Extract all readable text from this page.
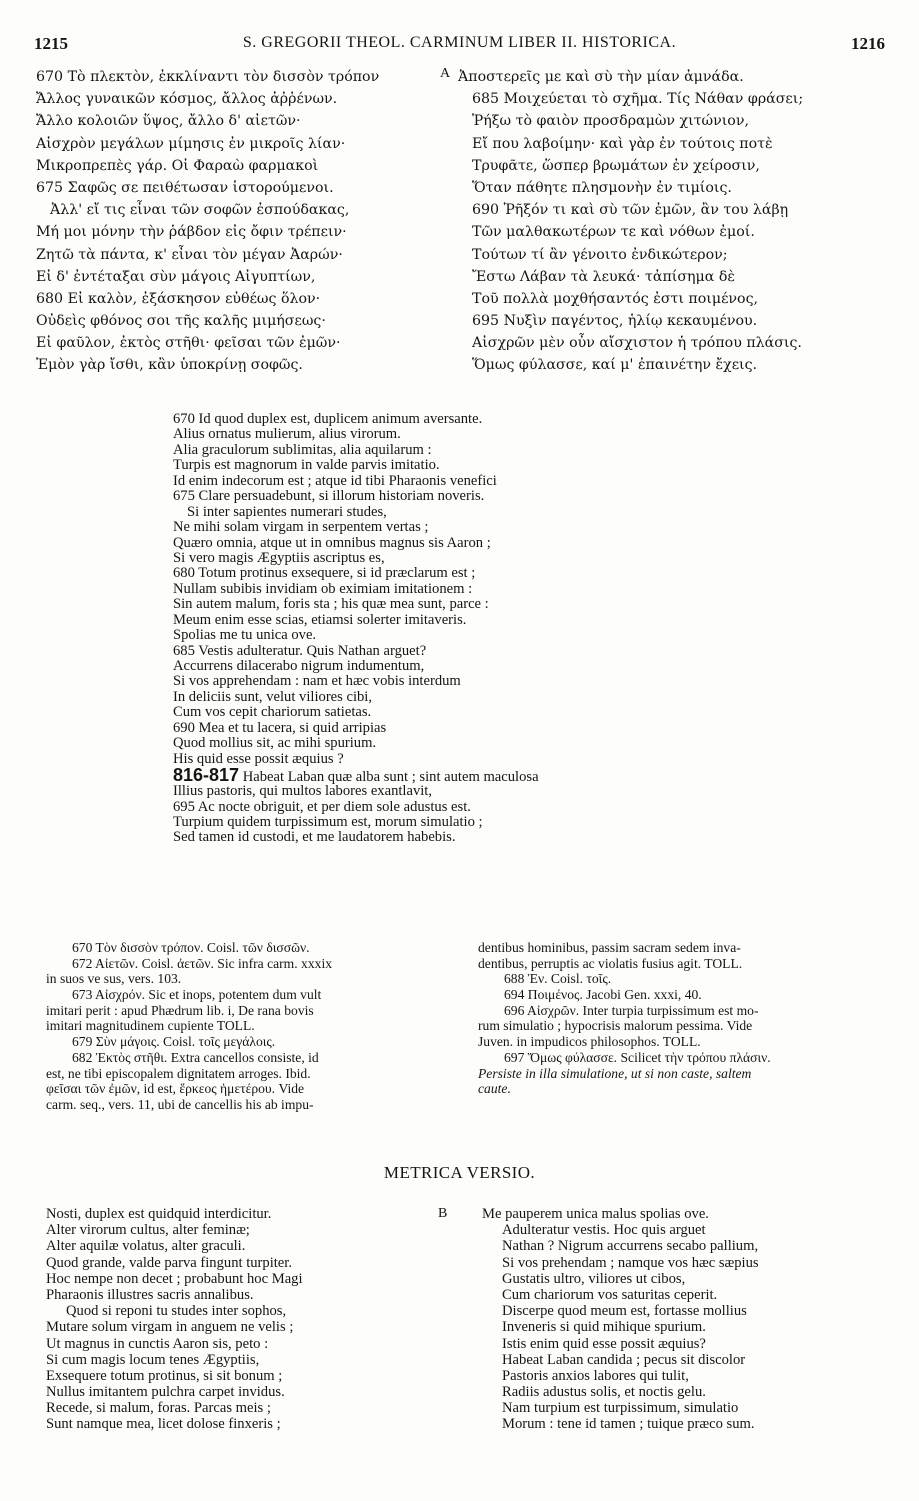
1215	S. GREGORII THEOL. CARMINUM LIBER II. HISTORICA.	1216
670 Τὸ πλεκτὸν, ἐκκλίναντι τὸν δισσὸν τρόπον
Ἄλλος γυναικῶν κόσμος, ἄλλος ἀῤῥένων.
Ἄλλο κολοιῶν ὕψος, ἄλλο δ' αἰετῶν·
Αἰσχρὸν μεγάλων μίμησις ἐν μικροῖς λίαν·
Μικροπρεπὲς γάρ. Οἱ Φαραὼ φαρμακοὶ
675 Σαφῶς σε πειθέτωσαν ἱστορούμενοι.
Ἀλλ' εἴ τις εἶναι τῶν σοφῶν ἐσπούδακας,
Μή μοι μόνην τὴν ῥάβδον εἰς ὄφιν τρέπειν·
Ζητῶ τὰ πάντα, κ' εἶναι τὸν μέγαν Ἀαρών·
Εἰ δ' ἐντέταξαι σὺν μάγοις Αἰγυπτίων,
680 Εἰ καλὸν, ἐξάσκησον εὐθέως ὅλον·
Οὐδεὶς φθόνος σοι τῆς καλῆς μιμήσεως·
Εἰ φαῦλον, ἐκτὸς στῆθι· φεῖσαι τῶν ἐμῶν·
Ἐμὸν γὰρ ἴσθι, κἂν ὑποκρίνῃ σοφῶς.
A Ἀποστερεῖς με καὶ σὺ τὴν μίαν ἀμνάδα.
685 Μοιχεύεται τὸ σχῆμα. Τίς Νάθαν φράσει;
Ῥήξω τὸ φαιὸν προσδραμὼν χιτώνιον,
Εἴ που λαβοίμην· καὶ γὰρ ἐν τούτοις ποτὲ
Τρυφᾶτε, ὥσπερ βρωμάτων ἐν χείροσιν,
Ὅταν πάθητε πλησμονὴν ἐν τιμίοις.
690 Ῥῆξόν τι καὶ σὺ τῶν ἐμῶν, ἂν του λάβῃ
Τῶν μαλθακωτέρων τε καὶ νόθων ἐμοί.
Τούτων τί ἂν γένοιτο ἐνδικώτερον;
Ἔστω Λάβαν τὰ λευκά· τἀπίσημα δὲ
Τοῦ πολλὰ μοχθήσαντός ἐστι ποιμένος,
695 Νυξὶν παγέντος, ἡλίῳ κεκαυμένου.
Αἰσχρῶν μὲν οὖν αἴσχιστον ἡ τρόπου πλάσις.
Ὅμως φύλασσε, καί μ' ἐπαινέτην ἔχεις.
670 Id quod duplex est, duplicem animum aversante.
Alius ornatus mulierum, alius virorum.
Alia graculorum sublimitas, alia aquilarum :
Turpis est magnorum in valde parvis imitatio.
Id enim indecorum est ; atque id tibi Pharaonis venefici
675 Clare persuadebunt, si illorum historiam noveris.
Si inter sapientes numerari studes,
Ne mihi solam virgam in serpentem vertas ;
Quæro omnia, atque ut in omnibus magnus sis Aaron ;
Si vero magis Ægyptiis ascriptus es,
680 Totum protinus exsequere, si id præclarum est ;
Nullam subibis invidiam ob eximiam imitationem :
Sin autem malum, foris sta ; his quæ mea sunt, parce :
Meum enim esse scias, etiamsi solerter imitaveris.
Spolias me tu unica ove.
685 Vestis adulteratur. Quis Nathan arguet?
Accurrens dilacerabo nigrum indumentum,
Si vos apprehendam : nam et hæc vobis interdum
In deliciis sunt, velut viliores cibi,
Cum vos cepit chariorum satietas.
690 Mea et tu lacera, si quid arripias
Quod mollius sit, ac mihi spurium.
His quid esse possit æquius ?
816-817 Habeat Laban quæ alba sunt ; sint autem maculosa
Illius pastoris, qui multos labores exantlavit,
695 Ac nocte obriguit, et per diem sole adustus est.
Turpium quidem turpissimum est, morum simulatio ;
Sed tamen id custodi, et me laudatorem habebis.
670 Τὸν δισσὸν τρόπον. Coisl. τῶν δισσῶν.
672 Αἰετῶν. Coisl. ἀετῶν. Sic infra carm. xxxix
in suos ve sus, vers. 103.
673 Αἰσχρόν. Sic et inops, potentem dum vult
imitari perit : apud Phædrum lib. i, De rana bovis
imitari magnitudinem cupiente TOLL.
679 Σὺν μάγοις. Coisl. τοῖς μεγάλοις.
682 Ἐκτὸς στῆθι. Extra cancellos consiste, id
est, ne tibi episcopalem dignitatem arroges. Ibid.
φεῖσαι τῶν ἐμῶν, id est, ἕρκεος ἡμετέρου. Vide
carm. seq., vers. 11, ubi de cancellis his ab impu-
dentibus hominibus, passim sacram sedem inva-
dentibus, perruptis ac violatis fusius agit. TOLL.
688 Ἐν. Coisl. τοῖς.
694 Ποιμένος. Jacobi Gen. xxxi, 40.
696 Αἰσχρῶν. Inter turpia turpissimum est mo-
rum simulatio ; hypocrisis malorum pessima. Vide
Juven. in impudicos philosophos. TOLL.
697 Ὅμως φύλασσε. Scilicet τὴν τρόπου πλάσιν.
Persiste in illa simulatione, ut si non caste, saltem
caute.
METRICA VERSIO.
Nosti, duplex est quidquid interdicitur.
Alter virorum cultus, alter feminæ;
Alter aquilæ volatus, alter graculi.
Quod grande, valde parva fingunt turpiter.
Hoc nempe non decet ; probabunt hoc Magi
Pharaonis illustres sacris annalibus.
Quod si reponi tu studes inter sophos,
Mutare solum virgam in anguem ne velis ;
Ut magnus in cunctis Aaron sis, peto :
Si cum magis locum tenes Ægyptiis,
Exsequere totum protinus, si sit bonum ;
Nullus imitantem pulchra carpet invidus.
Recede, si malum, foras. Parcas meis ;
Sunt namque mea, licet dolose finxeris ;
B Me pauperem unica malus spolias ove.
Adulteratur vestis. Hoc quis arguet
Nathan ? Nigrum accurrens secabo pallium,
Si vos prehendam ; namque vos hæc sæpius
Gustatis ultro, viliores ut cibos,
Cum chariorum vos saturitas ceperit.
Discerpe quod meum est, fortasse mollius
Inveneris si quid mihique spurium.
Istis enim quid esse possit æquius?
Habeat Laban candida ; pecus sit discolor
Pastoris anxios labores qui tulit,
Radiis adustus solis, et noctis gelu.
Nam turpium est turpissimum, simulatio
Morum : tene id tamen ; tuique præco sum.
